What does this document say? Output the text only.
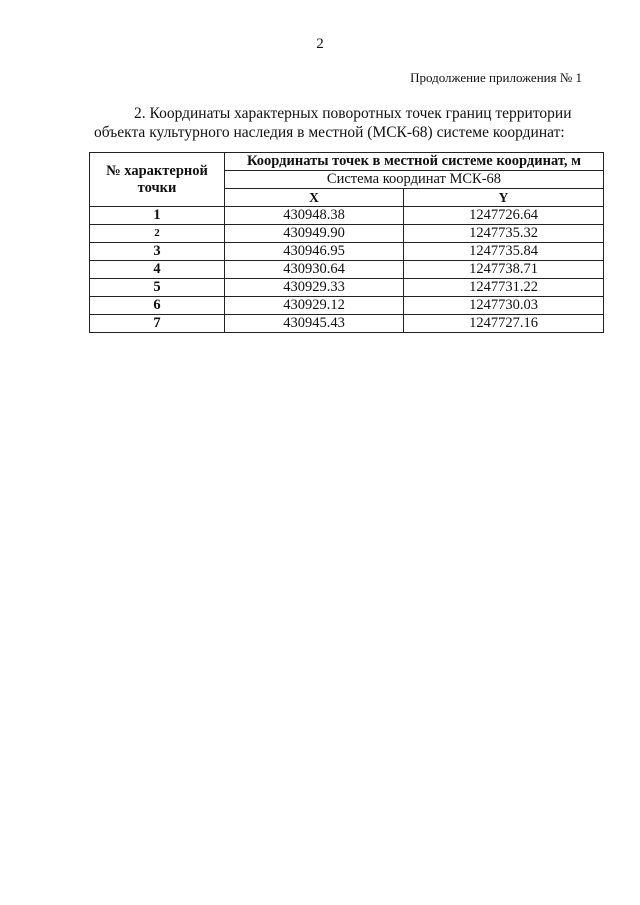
2
Продолжение приложения № 1
2. Координаты характерных поворотных точек границ территории
объекта культурного наследия в местной (МСК-68) системе координат:
№ характерной точки	Координаты точек в местной системе координат, м	
	Система координат МСК-68	
	X	Y
1	430948.38	1247726.64
2	430949.90	1247735.32
3	430946.95	1247735.84
4	430930.64	1247738.71
5	430929.33	1247731.22
6	430929.12	1247730.03
7	430945.43	1247727.16
